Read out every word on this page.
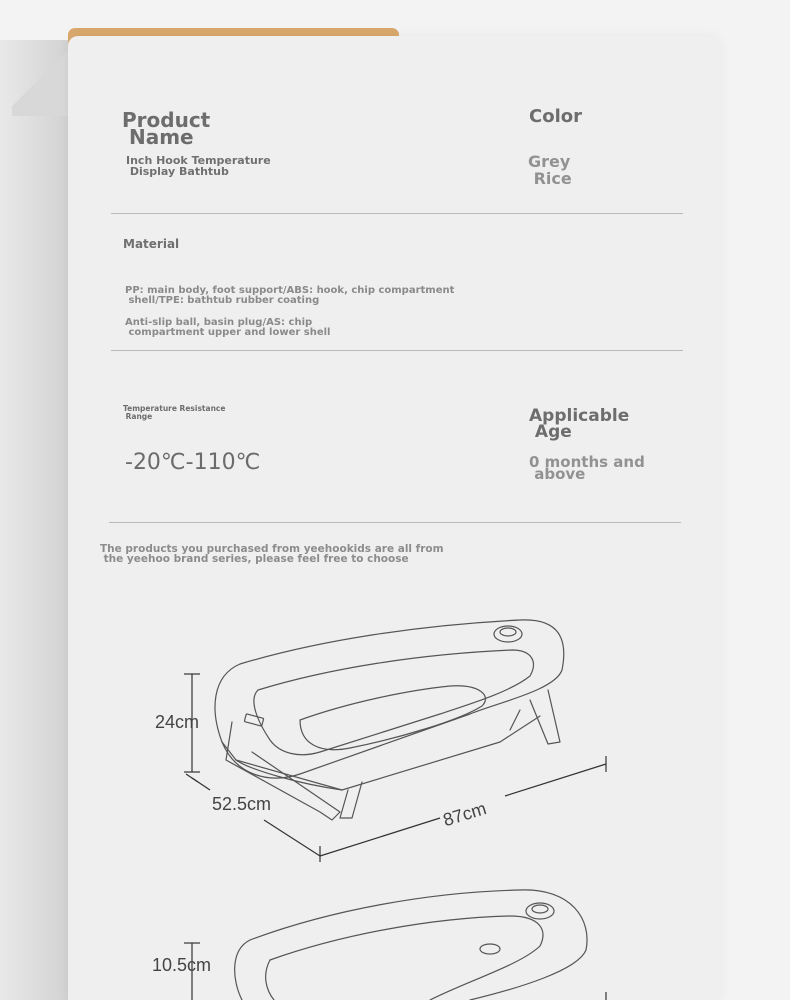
Product
Name
Inch Hook Temperature
Display Bathtub
Color
Grey
Rice
Material
PP: main body, foot support/ABS: hook, chip compartment
shell/TPE: bathtub rubber coating
Anti-slip ball, basin plug/AS: chip
compartment upper and lower shell
Temperature Resistance
Range
-20℃-110℃
Applicable
Age
0 months and
above
The products you purchased from yeehookids are all from
the yeehoo brand series, please feel free to choose
24cm
52.5cm	87cm
10.5cm
